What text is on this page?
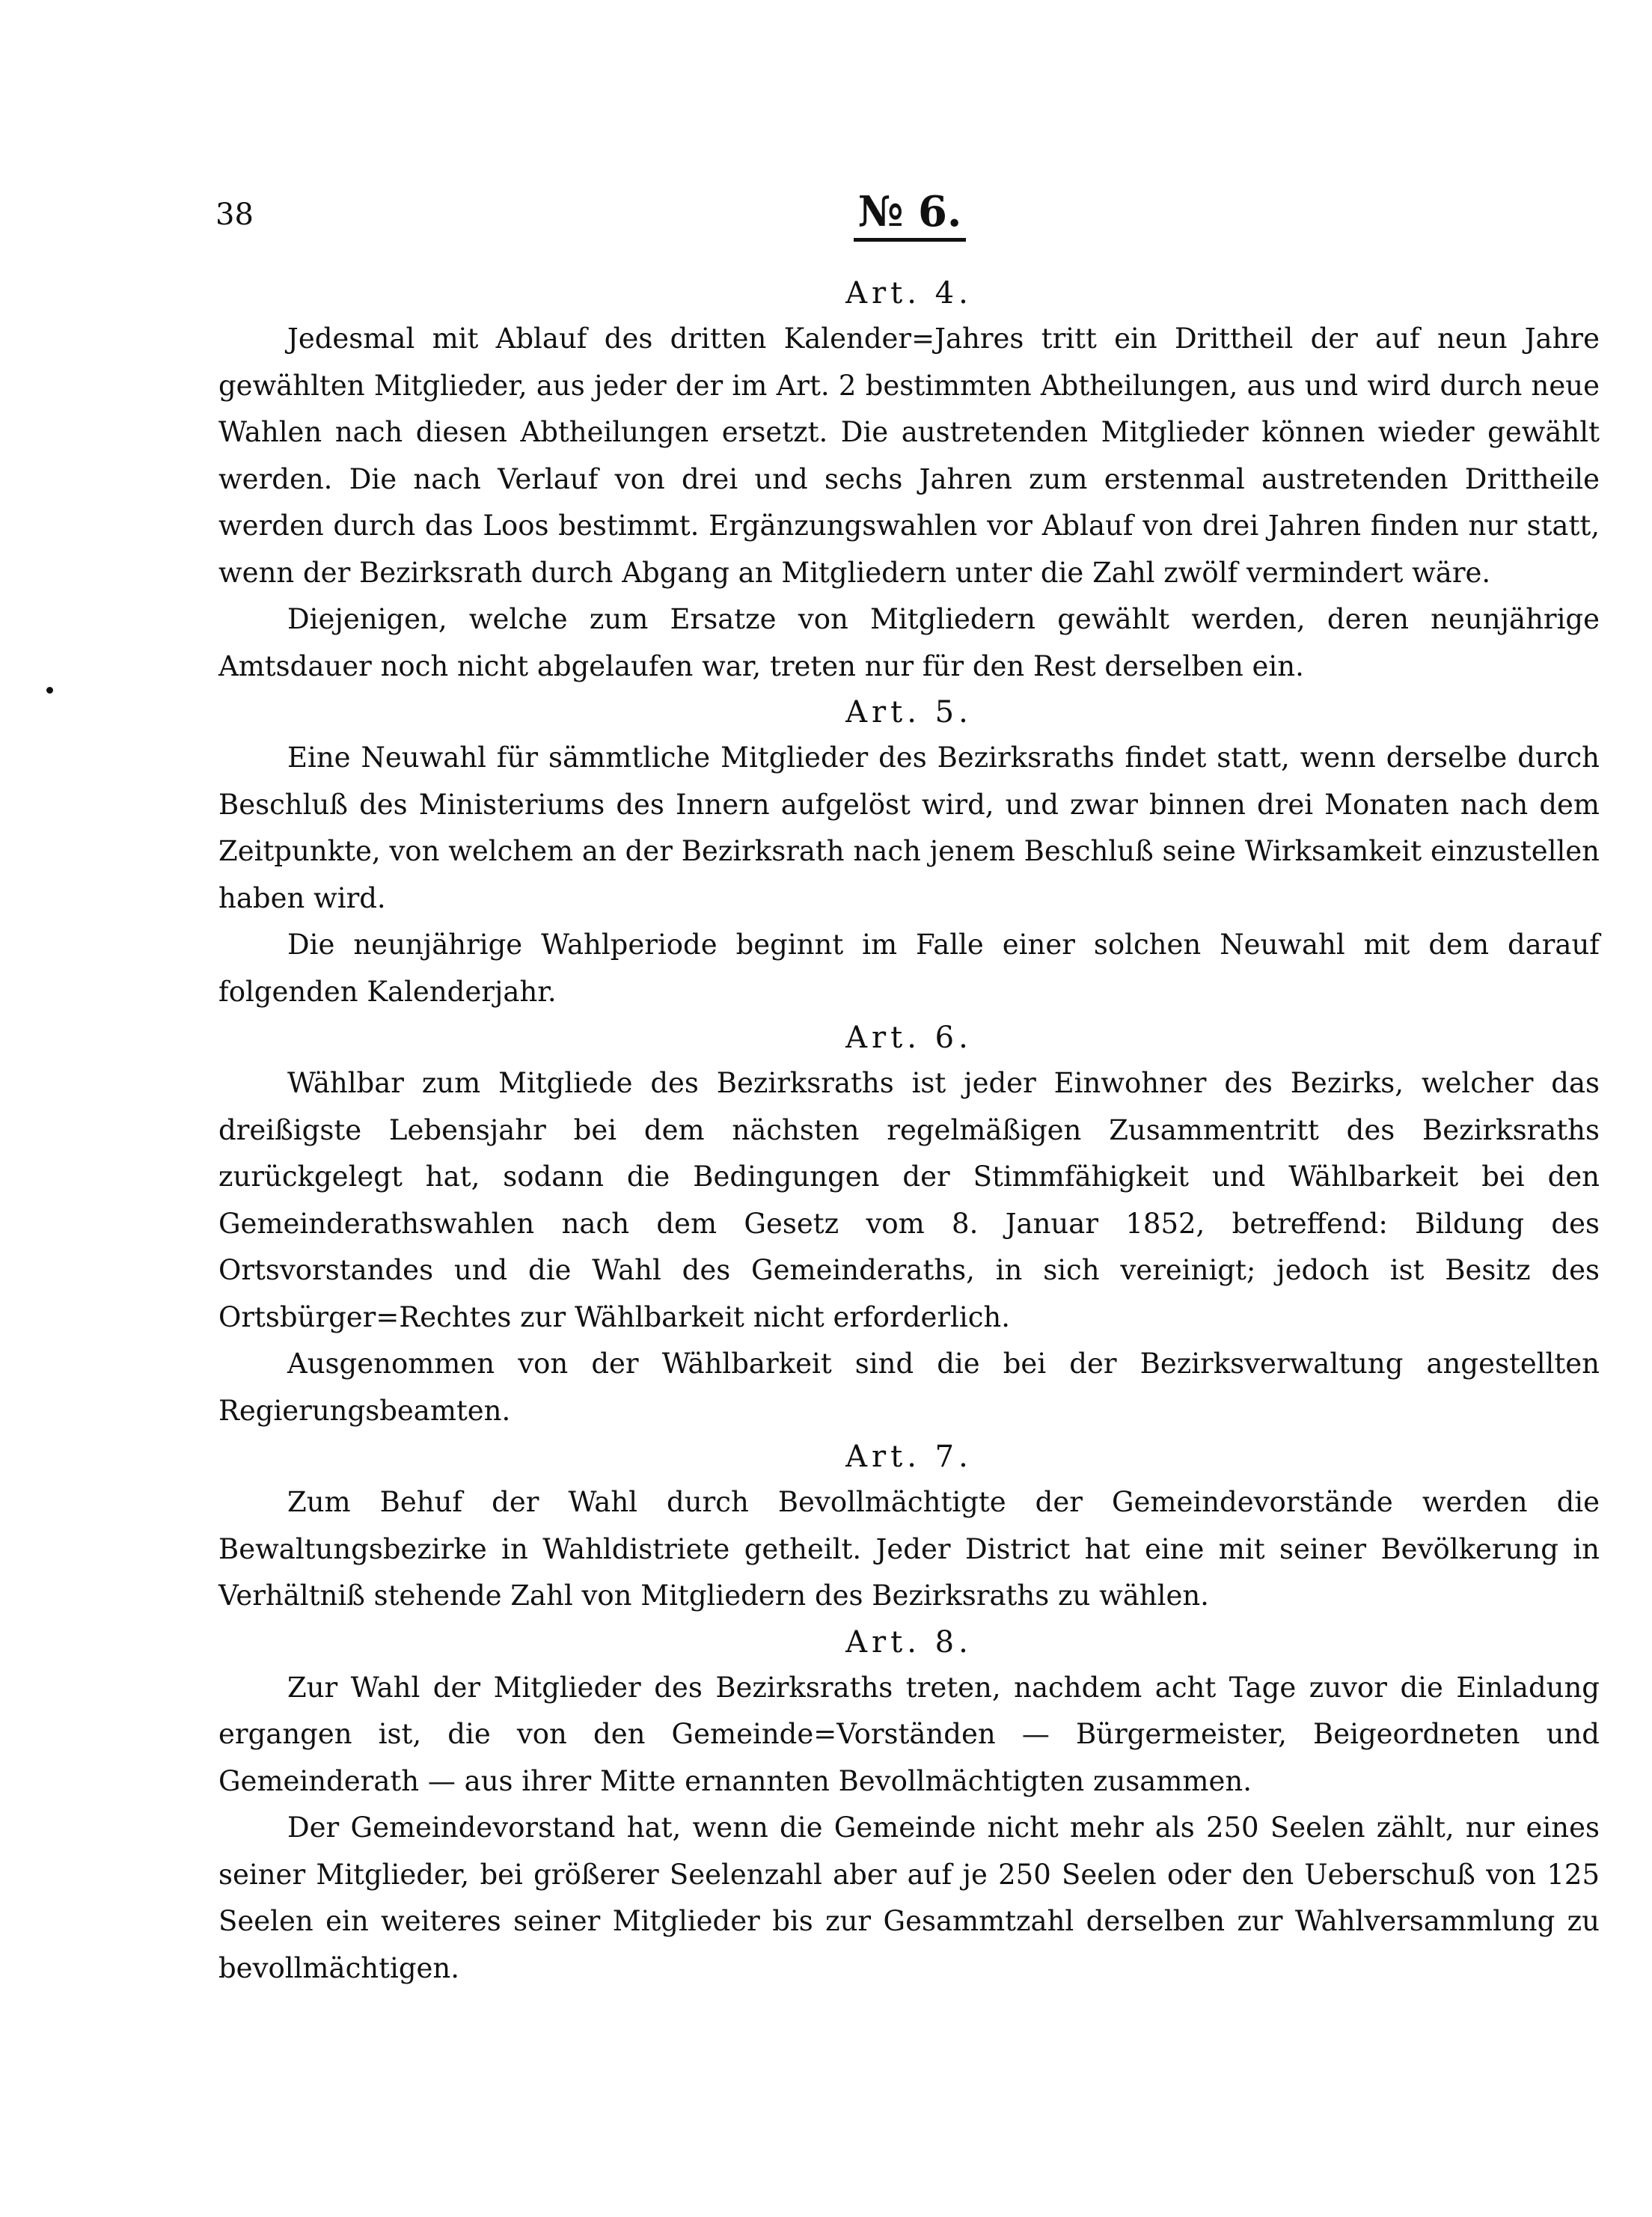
38	№ 6.
Art. 4.

Jedesmal mit Ablauf des dritten Kalender=Jahres tritt ein Drittheil der auf neun Jahre gewählten Mitglieder, aus jeder der im Art. 2 bestimmten Abtheilungen, aus und wird durch neue Wahlen nach diesen Abtheilungen ersetzt. Die austretenden Mitglieder können wieder gewählt werden. Die nach Verlauf von drei und sechs Jahren zum erstenmal austretenden Drittheile werden durch das Loos bestimmt. Ergänzungswahlen vor Ablauf von drei Jahren finden nur statt, wenn der Bezirksrath durch Abgang an Mitgliedern unter die Zahl zwölf vermindert wäre.

Diejenigen, welche zum Ersatze von Mitgliedern gewählt werden, deren neunjährige Amtsdauer noch nicht abgelaufen war, treten nur für den Rest derselben ein.

Art. 5.

Eine Neuwahl für sämmtliche Mitglieder des Bezirksraths findet statt, wenn derselbe durch Beschluß des Ministeriums des Innern aufgelöst wird, und zwar binnen drei Monaten nach dem Zeitpunkte, von welchem an der Bezirksrath nach jenem Beschluß seine Wirksamkeit einzustellen haben wird.

Die neunjährige Wahlperiode beginnt im Falle einer solchen Neuwahl mit dem darauf folgenden Kalenderjahr.

Art. 6.

Wählbar zum Mitgliede des Bezirksraths ist jeder Einwohner des Bezirks, welcher das dreißigste Lebensjahr bei dem nächsten regelmäßigen Zusammentritt des Bezirksraths zurückgelegt hat, sodann die Bedingungen der Stimmfähigkeit und Wählbarkeit bei den Gemeinderathswahlen nach dem Gesetz vom 8. Januar 1852, betreffend: Bildung des Ortsvorstandes und die Wahl des Gemeinderaths, in sich vereinigt; jedoch ist Besitz des Ortsbürger=Rechtes zur Wählbarkeit nicht erforderlich.

Ausgenommen von der Wählbarkeit sind die bei der Bezirksverwaltung angestellten Regierungsbeamten.

Art. 7.

Zum Behuf der Wahl durch Bevollmächtigte der Gemeindevorstände werden die Bewaltungsbezirke in Wahldistriete getheilt. Jeder District hat eine mit seiner Bevölkerung in Verhältniß stehende Zahl von Mitgliedern des Bezirksraths zu wählen.

Art. 8.

Zur Wahl der Mitglieder des Bezirksraths treten, nachdem acht Tage zuvor die Einladung ergangen ist, die von den Gemeinde=Vorständen — Bürgermeister, Beigeordneten und Gemeinderath — aus ihrer Mitte ernannten Bevollmächtigten zusammen.

Der Gemeindevorstand hat, wenn die Gemeinde nicht mehr als 250 Seelen zählt, nur eines seiner Mitglieder, bei größerer Seelenzahl aber auf je 250 Seelen oder den Ueberschuß von 125 Seelen ein weiteres seiner Mitglieder bis zur Gesammtzahl derselben zur Wahlversammlung zu bevollmächtigen.
